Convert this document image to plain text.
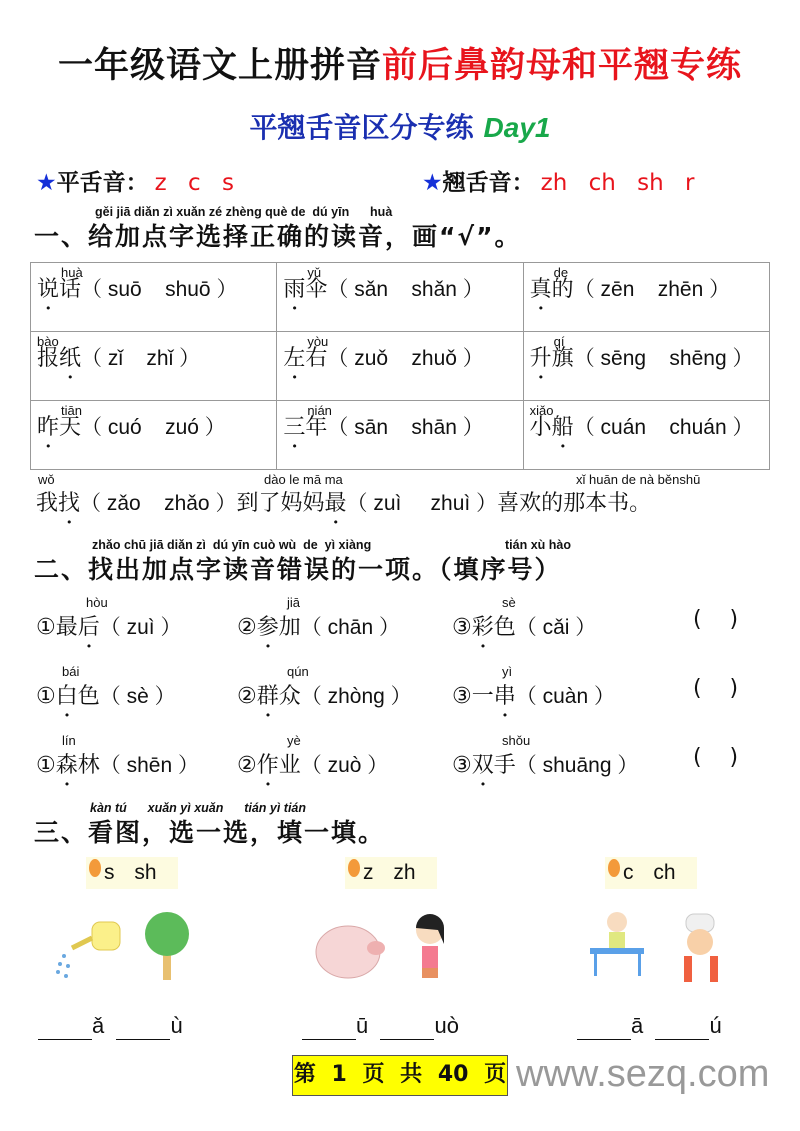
一年级语文上册拼音前后鼻韵母和平翘专练
平翘舌音区分专练 Day1
★平舌音： z c s	★翘舌音： zh ch sh r
gěi jiā diǎn zì xuǎn zé zhèng què de  dú yīn      huà
一、给加点字选择正确的读音，画“√”。
huà
说话（ suō shuō ）	yǔ
雨伞（ sǎn shǎn ）	de
真的（ zēn zhēn ）

bào
报纸（ zǐ zhǐ ）	yòu
左右（ zuǒ zhuǒ ）	qí
升旗（ sēng shēng ）

tiān
昨天（ cuó zuó ）	nián
三年（ sān shān ）	xiǎo
小船（ cuán chuán ）
wǒ	dào le mā ma	xǐ huān de nà běnshū
我找（ zǎo zhǎo ）到了妈妈最（ zuì zhuì ）喜欢的那本书。
zhǎo chū jiā diǎn zì  dú yīn cuò wù  de  yì xiàng	tián xù hào
二、找出加点字读音错误的一项。（填序号）
hòu
①最后（ zuì ）
jiā
②参加（ chān ）
sè
③彩色（ cǎi ）	(    )
bái
①白色（ sè ）
qún
②群众（ zhòng ）
yì
③一串（ cuàn ）	(    )
lín
①森林（ shēn ）
yè
②作业（ zuò ）
shǒu
③双手（ shuāng ） (    )
kàn tú      xuǎn yì xuǎn      tián yì tián
三、看图，选一选，填一填。
s sh	z zh	c ch
ǎ	ù	ū	uò	ā	ú
第 1 页 共 40 页 www.sezq.com
